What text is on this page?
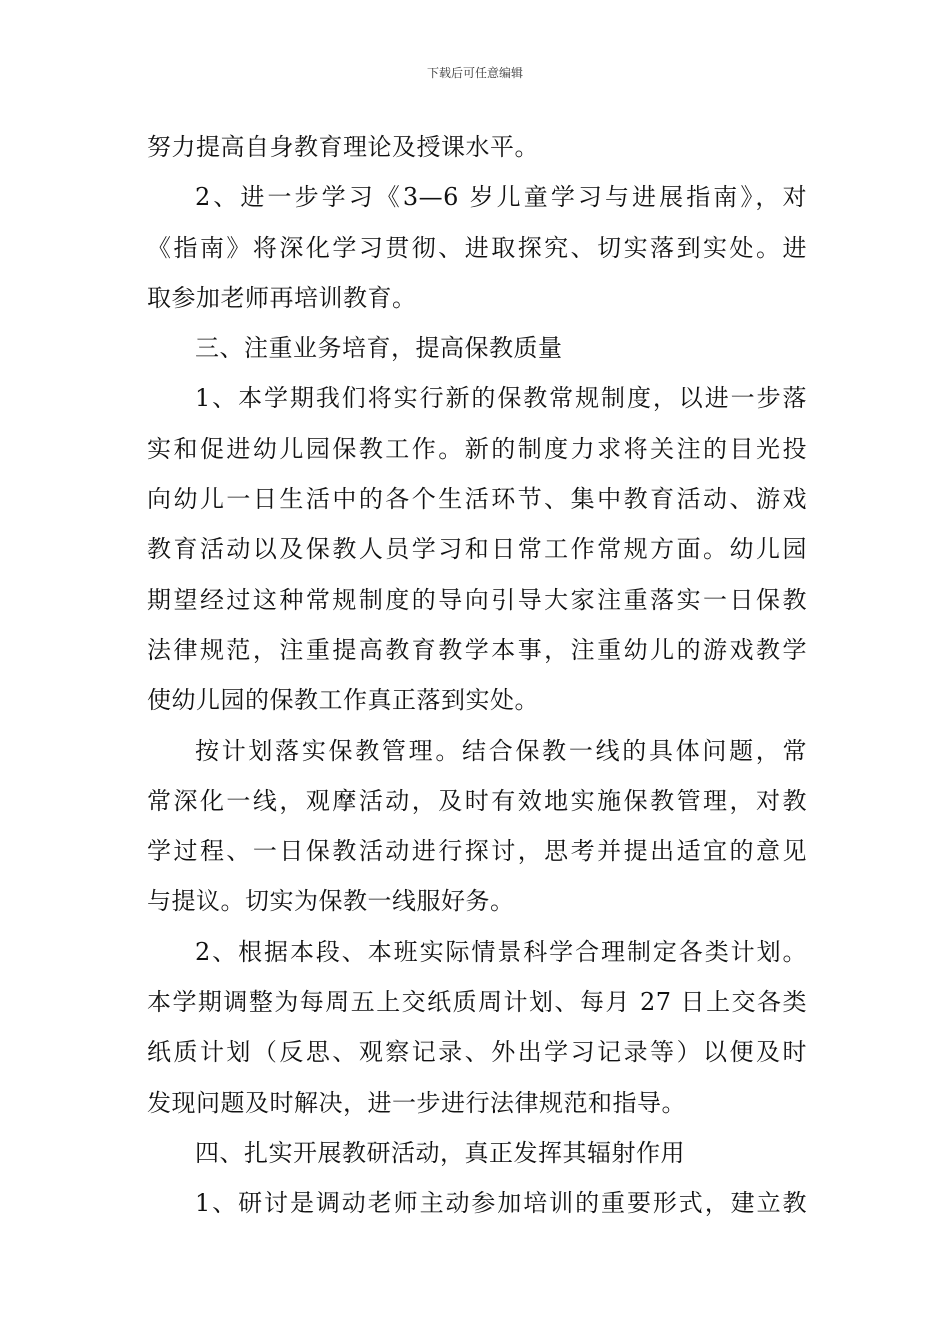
下载后可任意编辑
努力提高自身教育理论及授课水平。
2、进一步学习《3—6 岁儿童学习与进展指南》，对
《指南》将深化学习贯彻、进取探究、切实落到实处。进
取参加老师再培训教育。
三、注重业务培育，提高保教质量
1、本学期我们将实行新的保教常规制度，以进一步落
实和促进幼儿园保教工作。新的制度力求将关注的目光投
向幼儿一日生活中的各个生活环节、集中教育活动、游戏
教育活动以及保教人员学习和日常工作常规方面。幼儿园
期望经过这种常规制度的导向引导大家注重落实一日保教
法律规范，注重提高教育教学本事，注重幼儿的游戏教学
使幼儿园的保教工作真正落到实处。
按计划落实保教管理。结合保教一线的具体问题，常
常深化一线，观摩活动，及时有效地实施保教管理，对教
学过程、一日保教活动进行探讨，思考并提出适宜的意见
与提议。切实为保教一线服好务。
2、根据本段、本班实际情景科学合理制定各类计划。
本学期调整为每周五上交纸质周计划、每月 27 日上交各类
纸质计划（反思、观察记录、外出学习记录等）以便及时
发现问题及时解决，进一步进行法律规范和指导。
四、扎实开展教研活动，真正发挥其辐射作用
1、研讨是调动老师主动参加培训的重要形式，建立教
